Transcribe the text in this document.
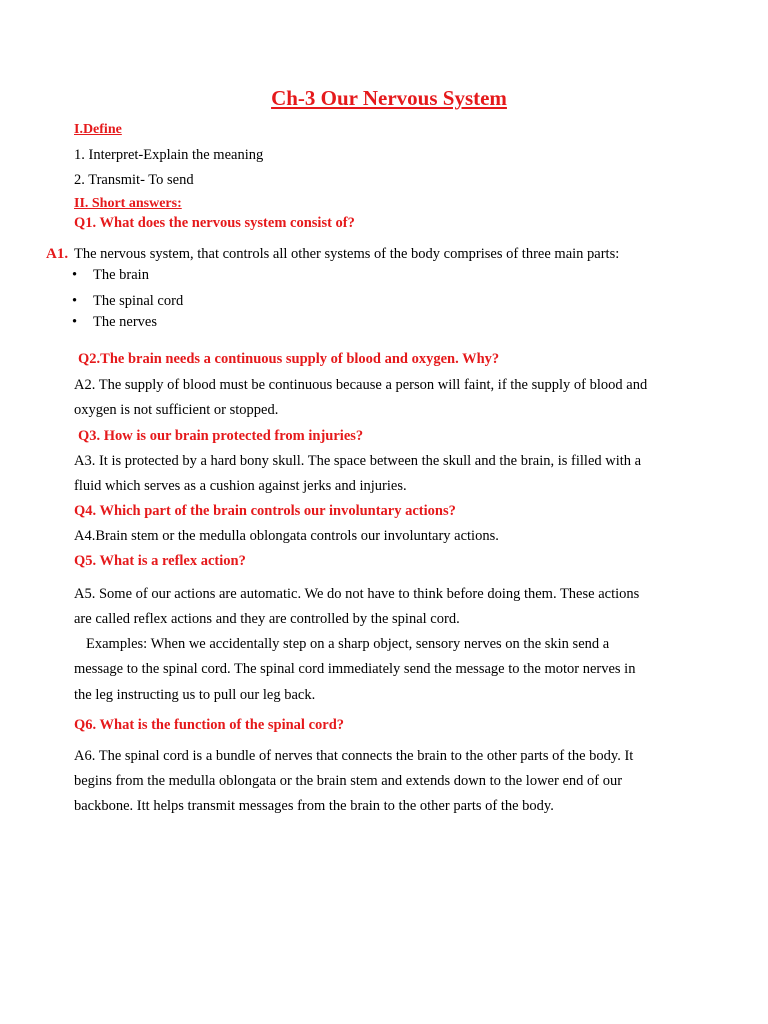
Ch-3 Our Nervous System
I.Define
1. Interpret-Explain the meaning
2. Transmit- To send
II. Short answers:
Q1. What does the nervous system consist of?
A1. The nervous system, that controls all other systems of the body comprises of three main parts:
• The brain
• The spinal cord
• The nerves
Q2.The brain needs a continuous supply of blood and oxygen. Why?
A2. The supply of blood must be continuous because a person will faint, if the supply of blood and
oxygen is not sufficient or stopped.
Q3. How is our brain protected from injuries?
A3. It is protected by a hard bony skull. The space between the skull and the brain, is filled with a
fluid which serves as a cushion against jerks and injuries.
Q4. Which part of the brain controls our involuntary actions?
A4.Brain stem or the medulla oblongata controls our involuntary actions.
Q5. What is a reflex action?
A5. Some of our actions are automatic. We do not have to think before doing them. These actions
are called reflex actions and they are controlled by the spinal cord.
Examples: When we accidentally step on a sharp object, sensory nerves on the skin send a
message to the spinal cord. The spinal cord immediately send the message to the motor nerves in
the leg instructing us to pull our leg back.
Q6. What is the function of the spinal cord?
A6. The spinal cord is a bundle of nerves that connects the brain to the other parts of the body. It
begins from the medulla oblongata or the brain stem and extends down to the lower end of our
backbone. Itt helps transmit messages from the brain to the other parts of the body.
